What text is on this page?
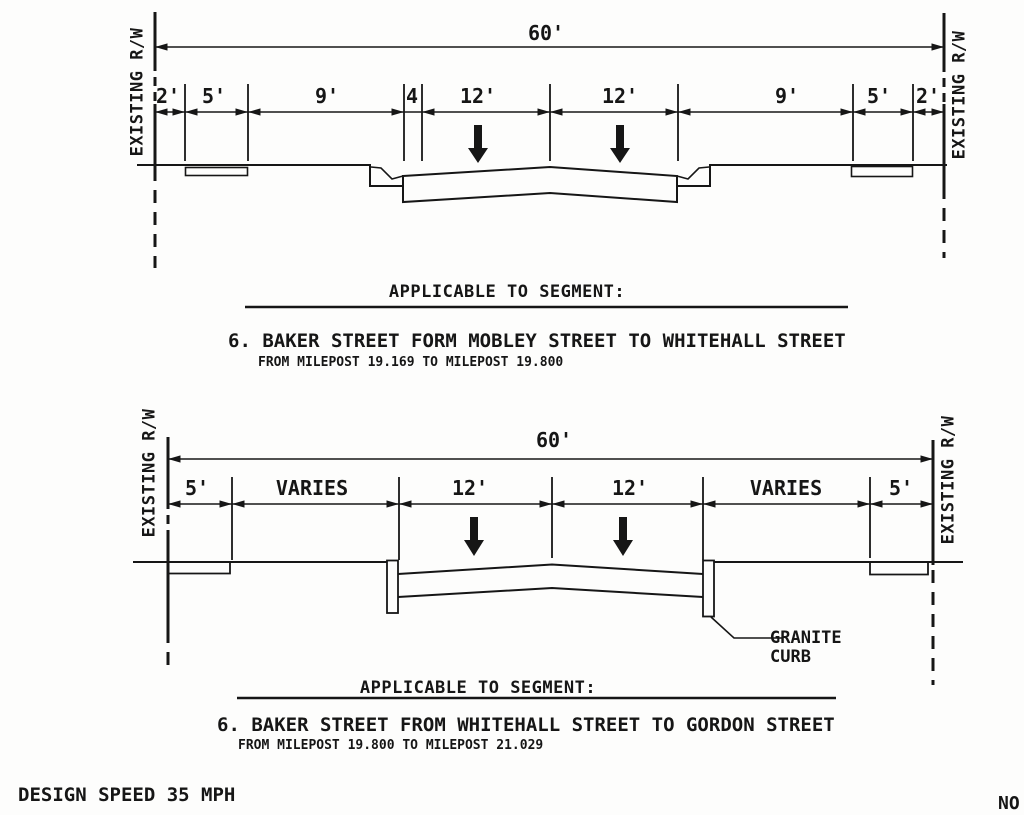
EXISTING R/W	EXISTING R/W
60'
2' 5'	9'	4 12'	12'	9'	5' 2'
APPLICABLE TO SEGMENT:
6. BAKER STREET FORM MOBLEY STREET TO WHITEHALL STREET
FROM MILEPOST 19.169 TO MILEPOST 19.800
EXISTING R/W	EXISTING R/W
60'
5'	VARIES	12'	12'	VARIES	5'
GRANITE
CURB
APPLICABLE TO SEGMENT:
6. BAKER STREET FROM WHITEHALL STREET TO GORDON STREET
FROM MILEPOST 19.800 TO MILEPOST 21.029
DESIGN SPEED 35 MPH	NO
